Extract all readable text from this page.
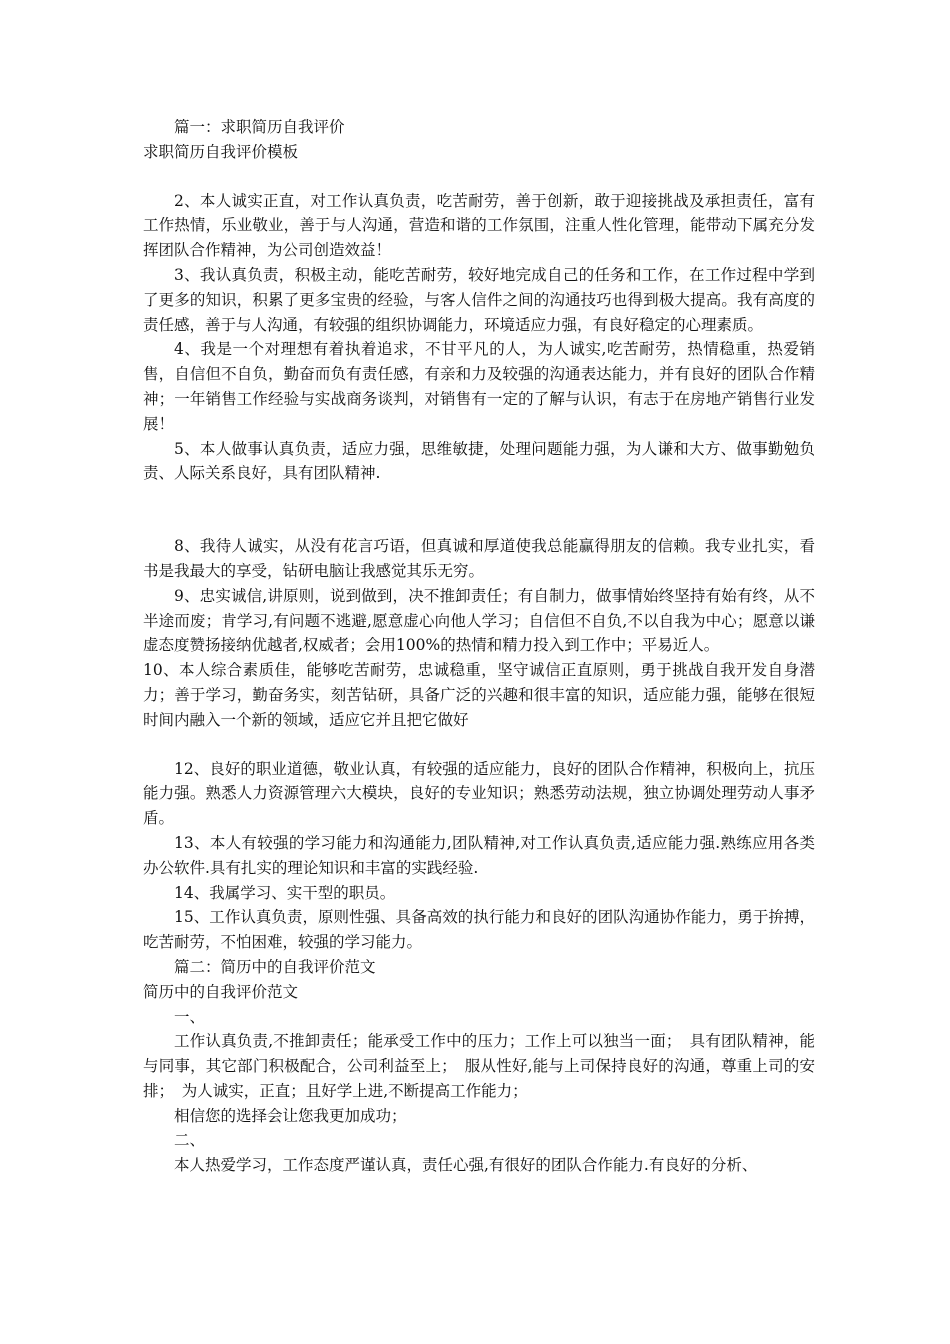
篇一：求职简历自我评价

求职简历自我评价模板

2、本人诚实正直，对工作认真负责，吃苦耐劳，善于创新，敢于迎接挑战及承担责任，富有工作热情，乐业敬业，善于与人沟通，营造和谐的工作氛围，注重人性化管理，能带动下属充分发挥团队合作精神，为公司创造效益！

3、我认真负责，积极主动，能吃苦耐劳，较好地完成自己的任务和工作，在工作过程中学到了更多的知识，积累了更多宝贵的经验，与客人信件之间的沟通技巧也得到极大提高。我有高度的责任感，善于与人沟通，有较强的组织协调能力，环境适应力强，有良好稳定的心理素质。

4、我是一个对理想有着执着追求，不甘平凡的人，为人诚实,吃苦耐劳，热情稳重，热爱销售，自信但不自负，勤奋而负有责任感，有亲和力及较强的沟通表达能力，并有良好的团队合作精神；一年销售工作经验与实战商务谈判，对销售有一定的了解与认识，有志于在房地产销售行业发展！

5、本人做事认真负责，适应力强，思维敏捷，处理问题能力强，为人谦和大方、做事勤勉负责、人际关系良好，具有团队精神.

8、我待人诚实，从没有花言巧语，但真诚和厚道使我总能赢得朋友的信赖。我专业扎实，看书是我最大的享受，钻研电脑让我感觉其乐无穷。

9、忠实诚信,讲原则，说到做到，决不推卸责任；有自制力，做事情始终坚持有始有终，从不半途而废；肯学习,有问题不逃避,愿意虚心向他人学习；自信但不自负,不以自我为中心；愿意以谦虚态度赞扬接纳优越者,权威者；会用100%的热情和精力投入到工作中；平易近人。

10、本人综合素质佳，能够吃苦耐劳，忠诚稳重，坚守诚信正直原则，勇于挑战自我开发自身潜力；善于学习，勤奋务实，刻苦钻研，具备广泛的兴趣和很丰富的知识，适应能力强，能够在很短时间内融入一个新的领域，适应它并且把它做好

12、良好的职业道德，敬业认真，有较强的适应能力，良好的团队合作精神，积极向上，抗压能力强。熟悉人力资源管理六大模块，良好的专业知识；熟悉劳动法规，独立协调处理劳动人事矛盾。

13、本人有较强的学习能力和沟通能力,团队精神,对工作认真负责,适应能力强.熟练应用各类办公软件.具有扎实的理论知识和丰富的实践经验.

14、我属学习、实干型的职员。

15、工作认真负责，原则性强、具备高效的执行能力和良好的团队沟通协作能力，勇于拚搏，吃苦耐劳，不怕困难，较强的学习能力。

篇二：简历中的自我评价范文

简历中的自我评价范文

一、

工作认真负责,不推卸责任；能承受工作中的压力；工作上可以独当一面；　具有团队精神，能与同事，其它部门积极配合，公司利益至上；　服从性好,能与上司保持良好的沟通，尊重上司的安排；　为人诚实，正直；且好学上进,不断提高工作能力；

相信您的选择会让您我更加成功；

二、

本人热爱学习，工作态度严谨认真，责任心强,有很好的团队合作能力.有良好的分析、
